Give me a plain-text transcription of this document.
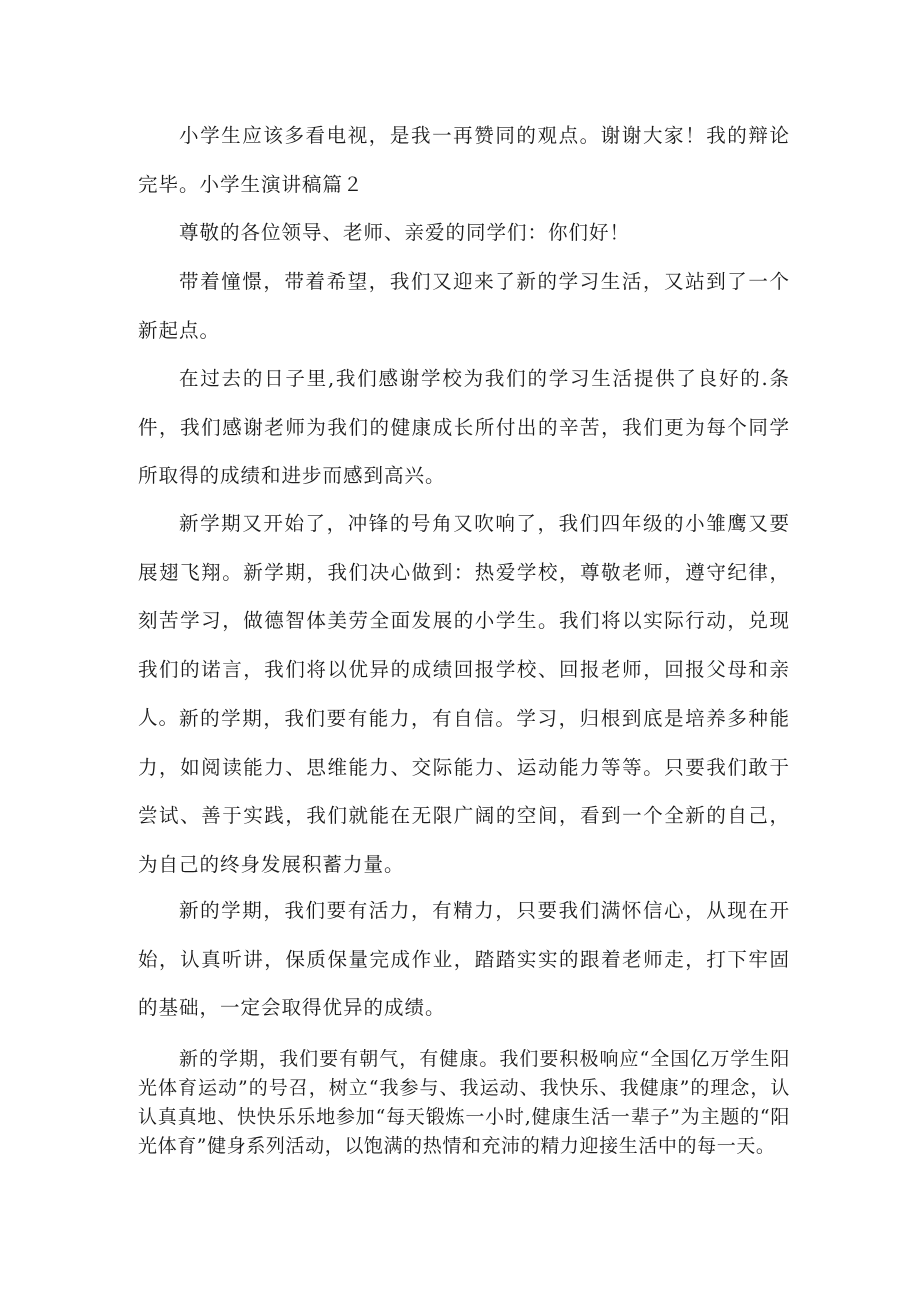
小学生应该多看电视，是我一再赞同的观点。谢谢大家！我的辩论完毕。小学生演讲稿篇２

尊敬的各位领导、老师、亲爱的同学们：你们好！

带着憧憬，带着希望，我们又迎来了新的学习生活，又站到了一个新起点。

在过去的日子里,我们感谢学校为我们的学习生活提供了良好的.条件，我们感谢老师为我们的健康成长所付出的辛苦，我们更为每个同学所取得的成绩和进步而感到高兴。

新学期又开始了，冲锋的号角又吹响了，我们四年级的小雏鹰又要展翅飞翔。新学期，我们决心做到：热爱学校，尊敬老师，遵守纪律，刻苦学习，做德智体美劳全面发展的小学生。我们将以实际行动，兑现我们的诺言，我们将以优异的成绩回报学校、回报老师，回报父母和亲人。 新的学期，我们要有能力，有自信。学习，归根到底是培养多种能力，如阅读能力、思维能力、交际能力、运动能力等等。只要我们敢于尝试、善于实践，我们就能在无限广阔的空间，看到一个全新的自己，为自己的终身发展积蓄力量。

新的学期，我们要有活力，有精力，只要我们满怀信心，从现在开始，认真听讲，保质保量完成作业，踏踏实实的跟着老师走，打下牢固的基础，一定会取得优异的成绩。

新的学期，我们要有朝气，有健康。我们要积极响应“全国亿万学生阳光体育运动”的号召，树立“我参与、我运动、我快乐、我健康”的理念，认认真真地、快快乐乐地参加“每天锻炼一小时,健康生活一辈子”为主题的“阳光体育”健身系列活动，以饱满的热情和充沛的精力迎接生活中的每一天。
